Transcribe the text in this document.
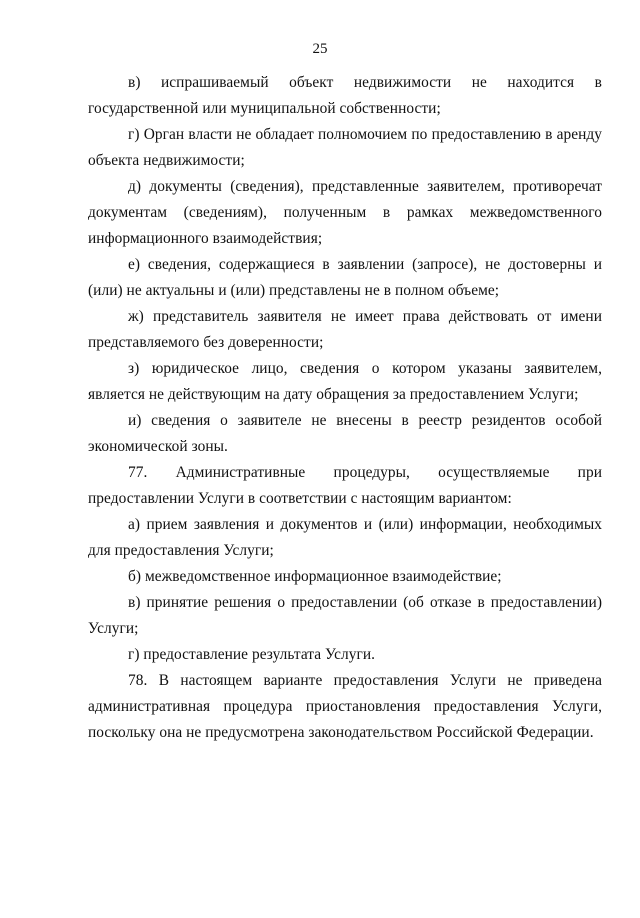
25

в) испрашиваемый объект недвижимости не находится в государственной или муниципальной собственности;

г) Орган власти не обладает полномочием по предоставлению в аренду объекта недвижимости;

д) документы (сведения), представленные заявителем, противоречат документам (сведениям), полученным в рамках межведомственного информационного взаимодействия;

е) сведения, содержащиеся в заявлении (запросе), не достоверны и (или) не актуальны и (или) представлены не в полном объеме;

ж) представитель заявителя не имеет права действовать от имени представляемого без доверенности;

з) юридическое лицо, сведения о котором указаны заявителем, является не действующим на дату обращения за предоставлением Услуги;

и) сведения о заявителе не внесены в реестр резидентов особой экономической зоны.

77. Административные процедуры, осуществляемые при предоставлении Услуги в соответствии с настоящим вариантом:

а) прием заявления и документов и (или) информации, необходимых для предоставления Услуги;

б) межведомственное информационное взаимодействие;

в) принятие решения о предоставлении (об отказе в предоставлении) Услуги;

г) предоставление результата Услуги.

78. В настоящем варианте предоставления Услуги не приведена административная процедура приостановления предоставления Услуги, поскольку она не предусмотрена законодательством Российской Федерации.
